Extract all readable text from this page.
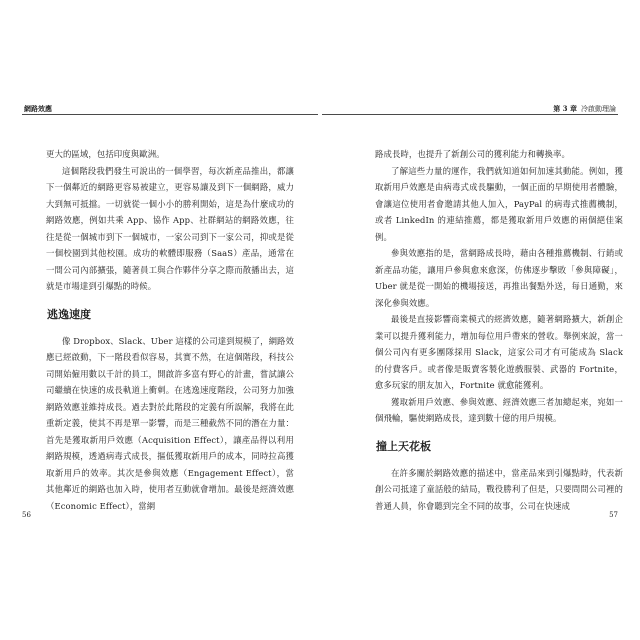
網路效應	第 3 章 冷啟動理論

更大的區域，包括印度與歐洲。

這個階段我們發生可說出的一個學習，每次新產品推出，都讓下一個鄰近的網路更容易被建立，更容易讓及到下一個網路，威力大到無可抵擋。一切就從一個小小的勝利開始，這是為什麼成功的網路效應，例如共乘 App、協作 App、社群網站的網路效應，往往是從一個城市到下一個城市，一家公司到下一家公司，抑或是從一個校園到其他校園。成功的軟體即服務（SaaS）產品，通常在一間公司內部擴張，隨著員工與合作夥伴分享之際而散播出去，這就是市場達到引爆點的時候。

逃逸速度

像 Dropbox、Slack、Uber 這樣的公司達到規模了，網路效應已經啟動，下一階段看似容易，其實不然，在這個階段，科技公司開始僱用數以千計的員工，開啟許多富有野心的計畫，嘗試讓公司繼續在快速的成長軌道上衝刺。在逃逸速度階段，公司努力加強網路效應並維持成長。過去對於此階段的定義有所誤解，我將在此重新定義，使其不再是單一影響，而是三種截然不同的潛在力量：首先是獲取新用戶效應（Acquisition Effect），讓產品得以利用網路規模，透過病毒式成長，摳低獲取新用戶的成本，同時拉高獲取新用戶的效率。其次是參與效應（Engagement Effect），當其他鄰近的網路也加入時，使用者互動就會增加。最後是經濟效應（Economic Effect），當網

路成長時，也提升了新創公司的獲利能力和轉換率。

了解這些力量的運作，我們就知道如何加速其動能。例如，獲取新用戶效應是由病毒式成長驅動，一個正面的早期使用者體驗，會讓這位使用者會邀請其他人加入，PayPal 的病毒式推薦機制，或者 LinkedIn 的連結推薦，都是獲取新用戶效應的兩個絕佳案例。

參與效應指的是，當網路成長時，藉由各種推薦機制、行銷或新產品功能，讓用戶參與愈來愈深，仿佛逐步擊敗「參與障礙」，Uber 就是從一開始的機場接送，再推出餐點外送，每日通勤，來深化參與效應。

最後是直接影響商業模式的經濟效應，隨著網路擴大，新創企業可以提升獲利能力，增加每位用戶帶來的營收。舉例來說，當一個公司內有更多團隊採用 Slack，這家公司才有可能成為 Slack 的付費客戶。或者像是販賣客製化遊戲服裝、武器的 Fortnite，愈多玩家的朋友加入，Fortnite 就愈能獲利。

獲取新用戶效應、參與效應、經濟效應三者加總起來，宛如一個飛輪，驅使網路成長，達到數十億的用戶規模。

撞上天花板

在許多關於網路效應的描述中，當產品來到引爆點時，代表新創公司抵達了童話般的結局，戰役勝利了但是，只要問問公司裡的普通人員，你會聽到完全不同的故事，公司在快速成

56	57
